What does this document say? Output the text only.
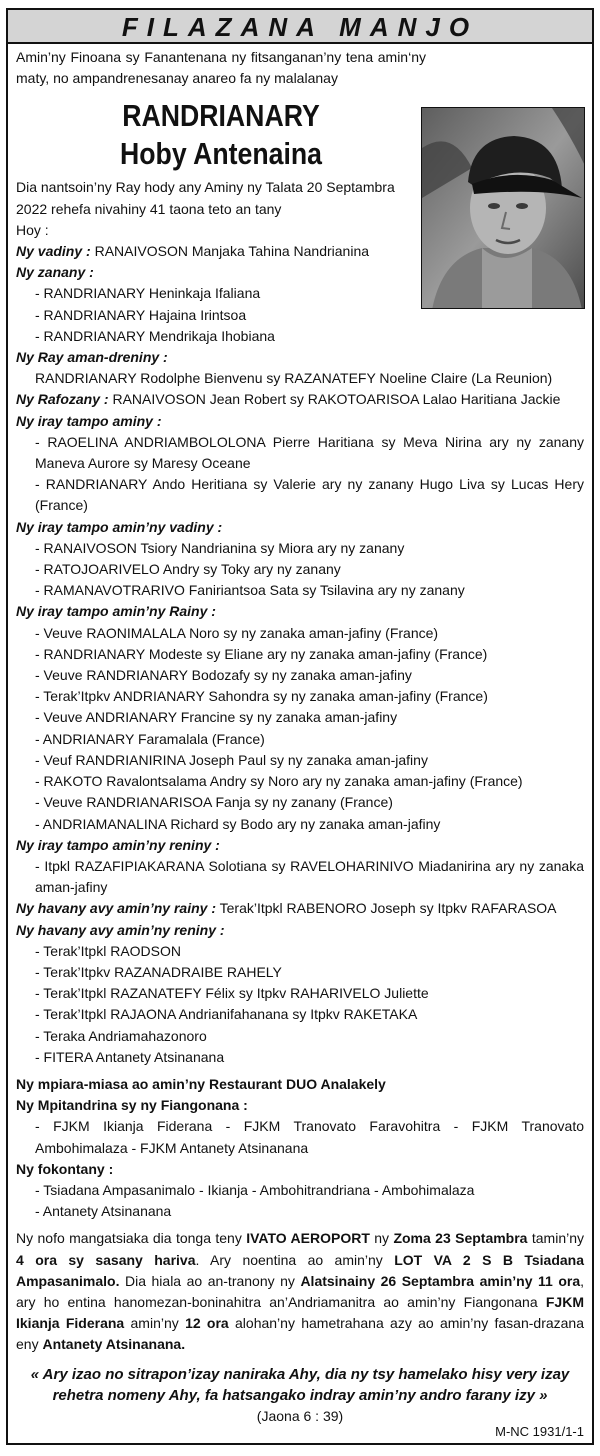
FILAZANA MANJO

Amin’ny Finoana sy Fanantenana ny fitsanganan’ny tena amin‘ny maty, no ampandrenesanay anareo fa ny malalanay

RANDRIANARY
Hoby Antenaina

Dia nantsoin’ny Ray hody any Aminy ny Talata 20 Septambra

2022 rehefa nivahiny 41 taona teto an tany

Hoy :

Ny vadiny : RANAIVOSON Manjaka Tahina Nandrianina

Ny zanany :

- RANDRIANARY Heninkaja Ifaliana

- RANDRIANARY Hajaina Irintsoa

- RANDRIANARY Mendrikaja Ihobiana

Ny Ray aman-dreniny :

RANDRIANARY Rodolphe Bienvenu sy RAZANATEFY Noeline Claire (La Reunion)

Ny Rafozany : RANAIVOSON Jean Robert sy RAKOTOARISOA Lalao Haritiana Jackie

Ny iray tampo aminy :

- RAOELINA ANDRIAMBOLOLONA Pierre Haritiana sy Meva Nirina ary ny zanany Maneva Aurore sy Maresy Oceane

- RANDRIANARY Ando Heritiana sy Valerie ary ny zanany Hugo Liva sy Lucas Hery (France)

Ny iray tampo amin’ny vadiny :

- RANAIVOSON Tsiory Nandrianina sy Miora ary ny zanany

- RATOJOARIVELO Andry sy Toky ary ny zanany

- RAMANAVOTRARIVO Faniriantsoa Sata sy Tsilavina ary ny zanany

Ny iray tampo amin’ny Rainy :

- Veuve RAONIMALALA Noro sy ny zanaka aman-jafiny (France)

- RANDRIANARY Modeste sy Eliane ary ny zanaka aman-jafiny (France)

- Veuve RANDRIANARY Bodozafy sy ny zanaka aman-jafiny

- Terak’Itpkv ANDRIANARY Sahondra sy ny zanaka aman-jafiny (France)

- Veuve ANDRIANARY Francine sy ny zanaka aman-jafiny

- ANDRIANARY Faramalala (France)

- Veuf RANDRIANIRINA Joseph Paul sy ny zanaka aman-jafiny

- RAKOTO Ravalontsalama Andry sy Noro ary ny zanaka aman-jafiny (France)

- Veuve RANDRIANARISOA Fanja sy ny zanany (France)

- ANDRIAMANALINA Richard sy Bodo ary ny zanaka aman-jafiny

Ny iray tampo amin’ny reniny :

- Itpkl RAZAFIPIAKARANA Solotiana sy RAVELOHARINIVO Miadanirina ary ny zanaka aman-jafiny

Ny havany avy amin’ny rainy : Terak’Itpkl RABENORO Joseph sy Itpkv RAFARASOA

Ny havany avy amin’ny reniny :

- Terak’Itpkl RAODSON

- Terak’Itpkv RAZANADRAIBE RAHELY

- Terak’Itpkl RAZANATEFY Félix sy Itpkv RAHARIVELO Juliette

- Terak’Itpkl RAJAONA Andrianifahanana sy Itpkv RAKETAKA

- Teraka Andriamahazonoro

- FITERA Antanety Atsinanana

Ny mpiara-miasa ao amin’ny Restaurant DUO Analakely

Ny Mpitandrina sy ny Fiangonana :

- FJKM Ikianja Fiderana - FJKM Tranovato Faravohitra - FJKM Tranovato Ambohimalaza - FJKM Antanety Atsinanana

Ny fokontany :

- Tsiadana Ampasanimalo - Ikianja - Ambohitrandriana - Ambohimalaza

- Antanety Atsinanana

Ny nofo mangatsiaka dia tonga teny IVATO AEROPORT ny Zoma 23 Septambra tamin’ny 4 ora sy sasany hariva. Ary noentina ao amin’ny LOT VA 2 S B Tsiadana Ampasanimalo. Dia hiala ao an-tranony ny Alatsinainy 26 Septambra amin’ny 11 ora, ary ho entina hanomezan-boninahitra an’Andriamanitra ao amin’ny Fiangonana FJKM Ikianja Fiderana amin’ny 12 ora alohan’ny hametrahana azy ao amin’ny fasan-drazana eny Antanety Atsinanana.

« Ary izao no sitrapon’izay naniraka Ahy, dia ny tsy hamelako hisy very izay rehetra nomeny Ahy, fa hatsangako indray amin’ny andro farany izy »

(Jaona 6 : 39)

M-NC 1931/1-1
